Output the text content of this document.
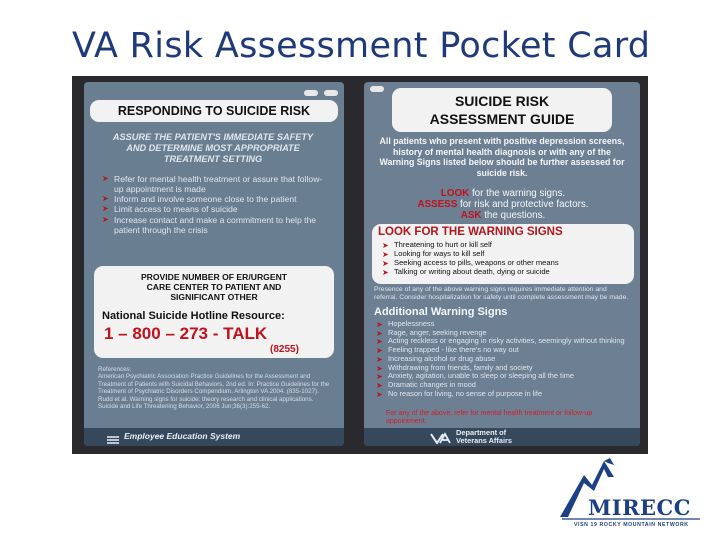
VA Risk Assessment Pocket Card
RESPONDING TO SUICIDE RISK
ASSURE THE PATIENT'S IMMEDIATE SAFETY AND DETERMINE MOST APPROPRIATE TREATMENT SETTING
➤ Refer for mental health treatment or assure that follow-up appointment is made
➤ Inform and involve someone close to the patient
➤ Limit access to means of suicide
➤ Increase contact and make a commitment to help the patient through the crisis
PROVIDE NUMBER OF ER/URGENT CARE CENTER TO PATIENT AND SIGNIFICANT OTHER
National Suicide Hotline Resource:
1 – 800 – 273 - TALK
(8255)
References:
American Psychiatric Association Practice Guidelines for the Assessment and Treatment of Patients with Suicidal Behaviors, 2nd ed. In: Practice Guidelines for the Treatment of Psychiatric Disorders Compendium. Arlington VA 2004. (835-1027). Rudd et al. Warning signs for suicide: theory research and clinical applications. Suicide and Life Threatening Behavior, 2006 Jun;36(3):255-62.
Employee Education System
SUICIDE RISK
ASSESSMENT GUIDE
All patients who present with positive depression screens, history of mental health diagnosis or with any of the Warning Signs listed below should be further assessed for suicide risk.
LOOK for the warning signs.
ASSESS for risk and protective factors.
ASK the questions.
LOOK FOR THE WARNING SIGNS
➤ Threatening to hurt or kill self
➤ Looking for ways to kill self
➤ Seeking access to pills, weapons or other means
➤ Talking or writing about death, dying or suicide
Presence of any of the above warning signs requires immediate attention and referral. Consider hospitalization for safety until complete assessment may be made.
Additional Warning Signs
➤ Hopelessness
➤ Rage, anger, seeking revenge
➤ Acting reckless or engaging in risky activities, seemingly without thinking
➤ Feeling trapped - like there's no way out
➤ Increasing alcohol or drug abuse
➤ Withdrawing from friends, family and society
➤ Anxiety, agitation, unable to sleep or sleeping all the time
➤ Dramatic changes in mood
➤ No reason for living, no sense of purpose in life
For any of the above, refer for mental health treatment or follow-up appointment.
Department of
Veterans Affairs
MIRECC
VISN 19 ROCKY MOUNTAIN NETWORK
